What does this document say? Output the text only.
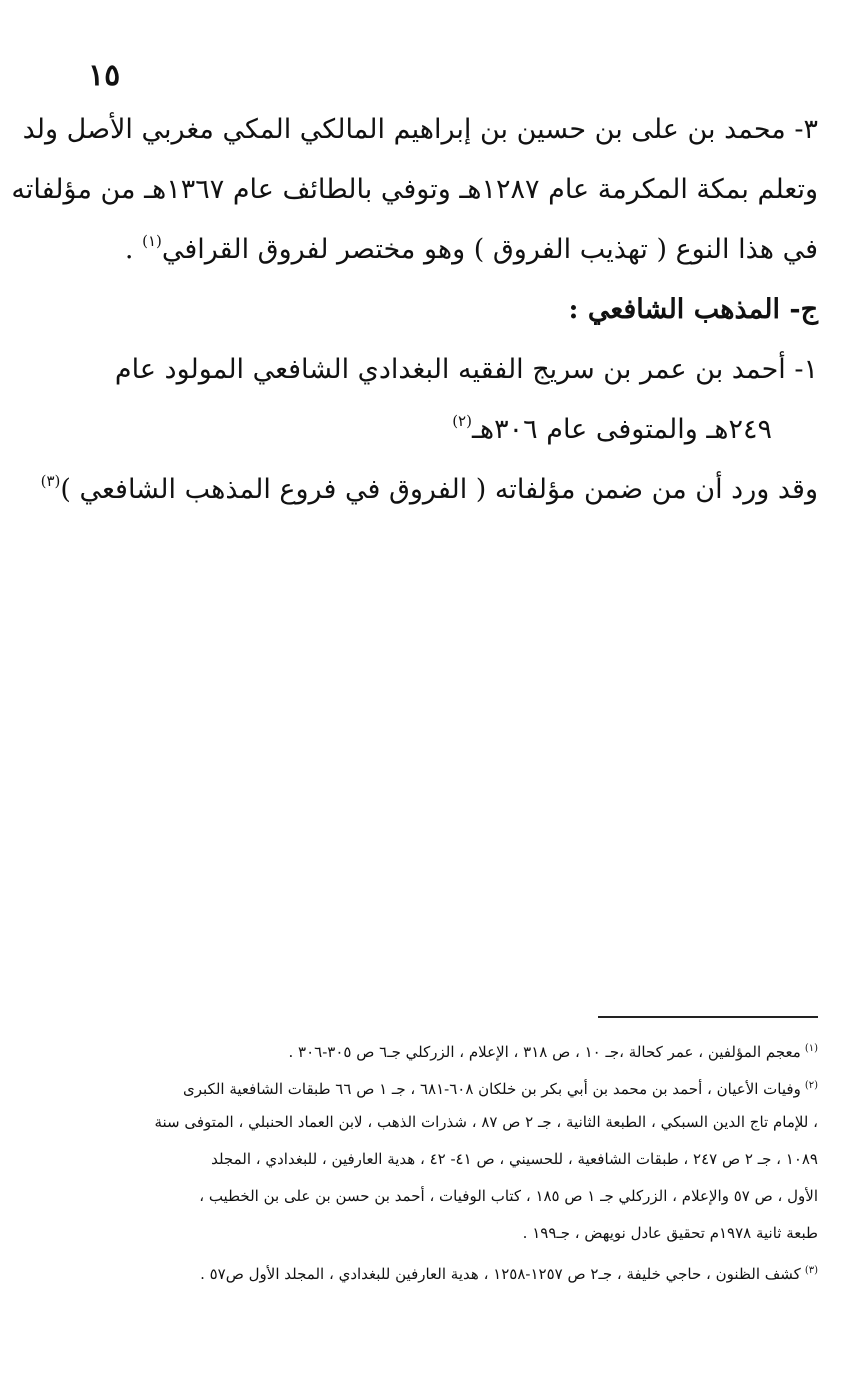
١٥
٣- محمد بن على بن حسين بن إبراهيم المالكي المكي مغربي الأصل ولد
وتعلم بمكة المكرمة عام ١٢٨٧هـ وتوفي بالطائف عام ١٣٦٧هـ من مؤلفاته
في هذا النوع ( تهذيب الفروق ) وهو مختصر لفروق القرافي$^{(١)}$ .
ج- المذهب الشافعي :
١- أحمد بن عمر بن سريج الفقيه البغدادي الشافعي المولود عام
٢٤٩هـ والمتوفى عام ٣٠٦هـ$^{(٢)}$
وقد ورد أن من ضمن مؤلفاته ( الفروق في فروع المذهب الشافعي )$^{(٣)}$
$^{(١)}$معجم المؤلفين ، عمر كحالة ،جـ ١٠ ، ص ٣١٨ ، الإعلام ، الزركلي جـ٦ ص ٣٠٥-٣٠٦ .
$^{(٢)}$وفيات الأعيان ، أحمد بن محمد بن أبي بكر بن خلكان ٦٠٨-٦٨١ ، جـ ١ ص ٦٦ طبقات الشافعية الكبرى
، للإمام تاج الدين السبكي ، الطبعة الثانية ، جـ ٢ ص ٨٧ ، شذرات الذهب ، لابن العماد الحنبلي ، المتوفى سنة
١٠٨٩ ، جـ ٢ ص ٢٤٧ ، طبقات الشافعية ، للحسيني ، ص ٤١- ٤٢ ، هدية العارفين ، للبغدادي ، المجلد
الأول ، ص ٥٧ والإعلام ، الزركلي جـ ١ ص ١٨٥ ، كتاب الوفيات ، أحمد بن حسن بن على بن الخطيب ،
طبعة ثانية ١٩٧٨م تحقيق عادل نويهض ، جـ١٩٩ .
$^{(٣)}$كشف الظنون ، حاجي خليفة ، جـ٢ ص ١٢٥٧-١٢٥٨ ، هدية العارفين للبغدادي ، المجلد الأول ص٥٧ .
